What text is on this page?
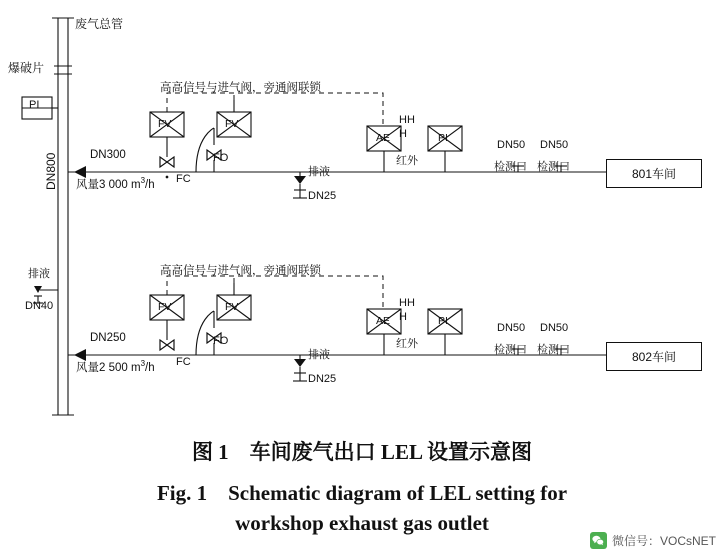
废气总管
爆破片
PI
DN800
排液
DN40
高高信号与进气阀，旁通阀联锁
FV	FV
FC
FO
DN300
风量3 000 $m^3/h$
排液
DN25
AE
HH
H
红外
PI
DN50 DN50
检测口 检测口	801车间
高高信号与进气阀，旁通阀联锁
FV	FV
FC
FO
DN250
风量2 500 $m^3/h$
排液
DN25
AE
HH
H
红外
PI
DN50 DN50
检测口 检测口	802车间
图 1　车间废气出口 LEL 设置示意图
Fig. 1　Schematic diagram of LEL setting for
workshop exhaust gas outlet
微信号：VOCsNET
